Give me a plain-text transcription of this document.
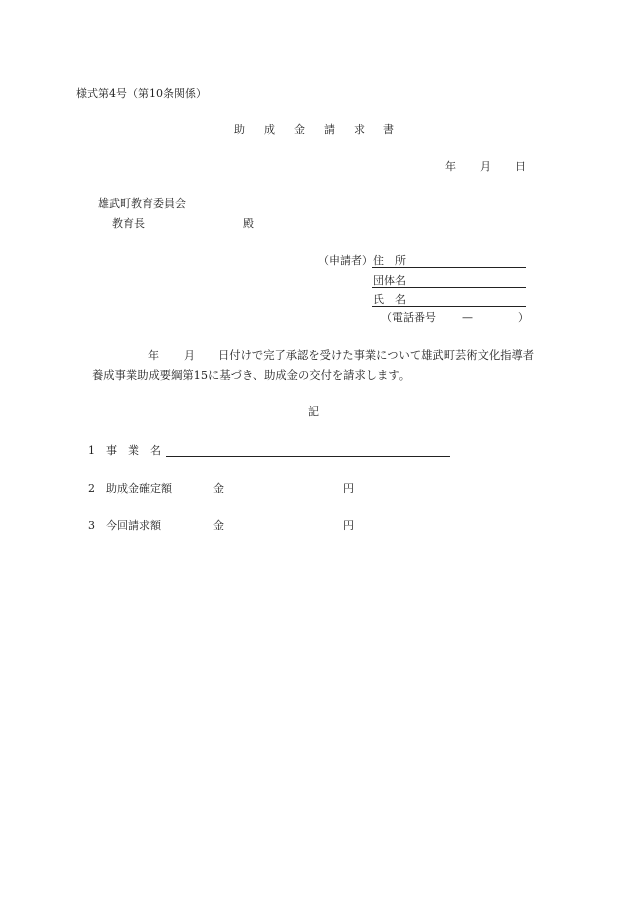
様式第4号（第10条関係）
助 成 金 請 求 書
年 月 日
雄武町教育委員会
教育長	殿
（申請者） 住　所
団体名
氏　名
（電話番号 —	）
年 月 日付けで完了承認を受けた事業について雄武町芸術文化指導者
養成事業助成要綱第15に基づき、助成金の交付を請求します。
記
1 事　業　名
2 助成金確定額	金	円
3 今回請求額	金	円
